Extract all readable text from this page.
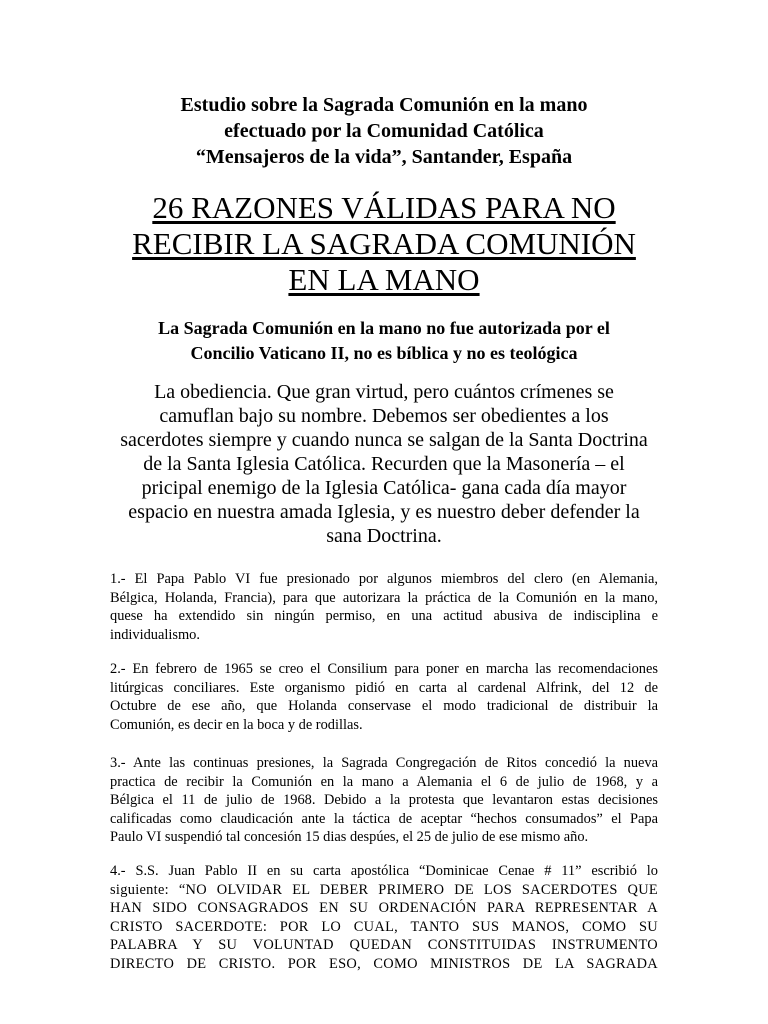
Estudio sobre la Sagrada Comunión en la mano
efectuado por la Comunidad Católica
“Mensajeros de la vida”, Santander, España
26 RAZONES VÁLIDAS PARA NO
RECIBIR LA SAGRADA COMUNIÓN
EN LA MANO
La Sagrada Comunión en la mano no fue autorizada por el
Concilio Vaticano II, no es bíblica y no es teológica
La obediencia. Que gran virtud, pero cuántos crímenes se
camuflan bajo su nombre. Debemos ser obedientes a los
sacerdotes siempre y cuando nunca se salgan de la Santa Doctrina
de la Santa Iglesia Católica. Recurden que la Masonería – el
pricipal enemigo de la Iglesia Católica- gana cada día mayor
espacio en nuestra amada Iglesia, y es nuestro deber defender la
sana Doctrina.
1.- El Papa Pablo VI fue presionado por algunos miembros del clero (en Alemania,
Bélgica, Holanda, Francia), para que autorizara la práctica de la Comunión en la mano,
quese ha extendido sin ningún permiso, en una actitud abusiva de indisciplina e
individualismo.
2.- En febrero de 1965 se creo el Consilium para poner en marcha las recomendaciones
litúrgicas conciliares. Este organismo pidió en carta al cardenal Alfrink, del 12 de
Octubre de ese año, que Holanda conservase el modo tradicional de distribuir la
Comunión, es decir en la boca y de rodillas.
3.- Ante las continuas presiones, la Sagrada Congregación de Ritos concedió la nueva
practica de recibir la Comunión en la mano a Alemania el 6 de julio de 1968, y a
Bélgica el 11 de julio de 1968. Debido a la protesta que levantaron estas decisiones
calificadas como claudicación ante la táctica de aceptar “hechos consumados” el Papa
Paulo VI suspendió tal concesión 15 dias despúes, el 25 de julio de ese mismo año.
4.- S.S. Juan Pablo II en su carta apostólica “Dominicae Cenae # 11” escribió lo
siguiente: “NO OLVIDAR EL DEBER PRIMERO DE LOS SACERDOTES QUE
HAN SIDO CONSAGRADOS EN SU ORDENACIÓN PARA REPRESENTAR A
CRISTO SACERDOTE: POR LO CUAL, TANTO SUS MANOS, COMO SU
PALABRA Y SU VOLUNTAD QUEDAN CONSTITUIDAS INSTRUMENTO
DIRECTO DE CRISTO. POR ESO, COMO MINISTROS DE LA SAGRADA
